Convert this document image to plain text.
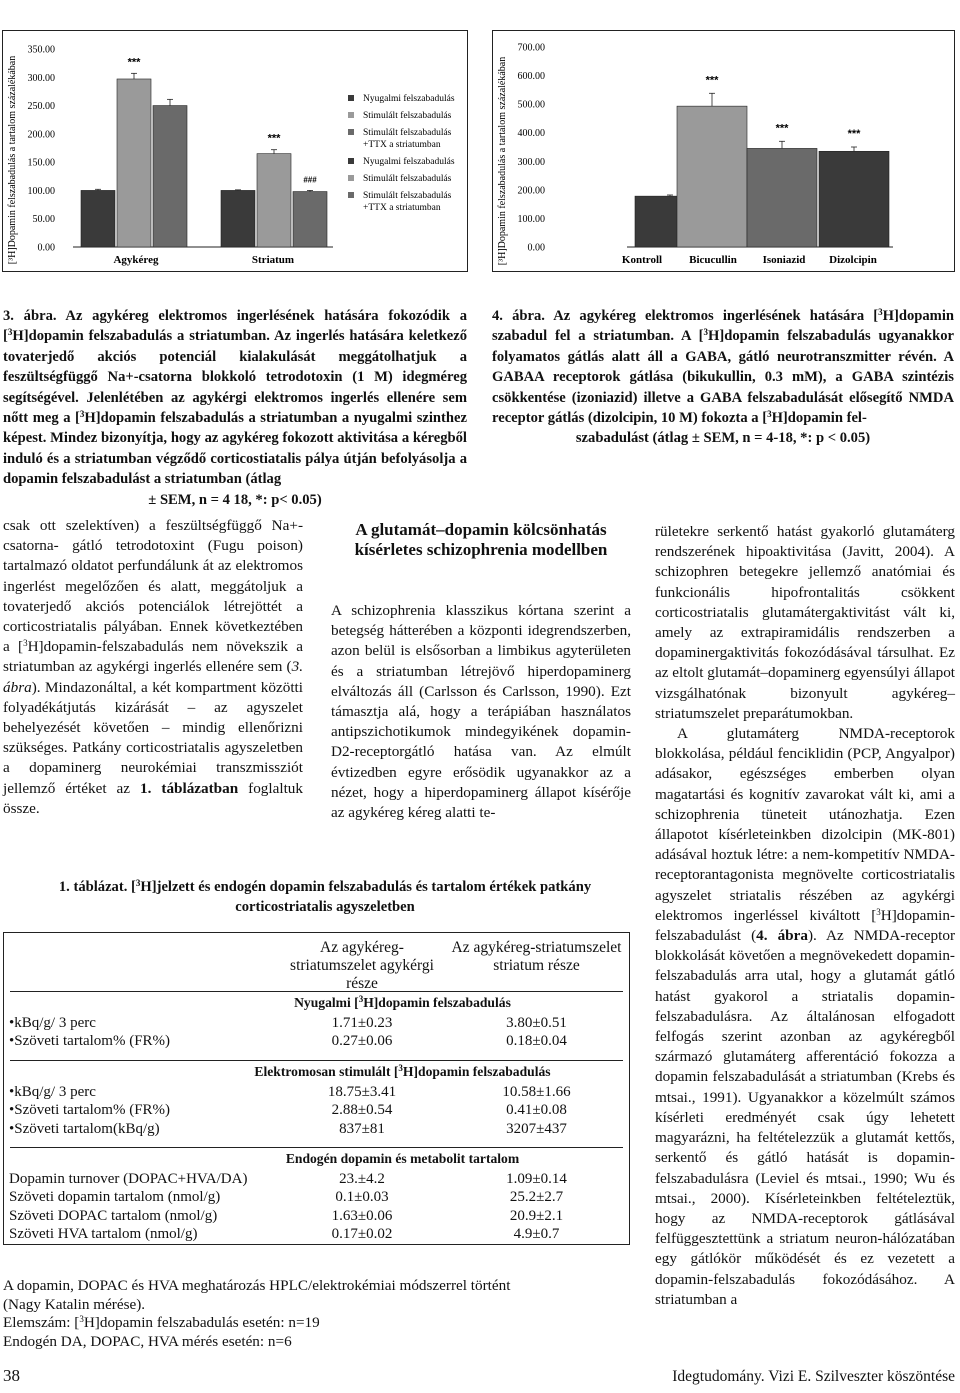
[³H]Dopamin felszabadulás a tartalom százalékában
350.00
300.00
250.00
200.00
150.00
100.00
50.00
0.00
***
***
###
Agykéreg	Striatum
Nyugalmi felszabadulás
Stimulált felszabadulás
Stimulált felszabadulás
+TTX a striatumban
Nyugalmi felszabadulás
Stimulált felszabadulás
Stimulált felszabadulás
+TTX a striatumban	[³H]Dopamin felszabadulás a tartalom százalékában
700.00
600.00
500.00
400.00
300.00
200.00
100.00
0.00
Kontroll
***
Bicucullin
***
Isoniazid
***
Dizolcipin
3. ábra. Az agykéreg elektromos ingerlésének hatására fokozódik a [$^3$H]dopamin felszabadulás a striatumban. Az ingerlés hatására keletkező tovaterjedő akciós potenciál kialakulását meggátolhatjuk a feszültségfüggő Na+-csatorna blokkoló tetrodotoxin (1 M) idegméreg segítségével. Jelenlétében az agykérgi elektromos ingerlés ellenére sem nőtt meg a [$^3$H]dopamin felszabadulás a striatumban a nyugalmi szinthez képest. Mindez bizonyítja, hogy az agykéreg fokozott aktivitása a kéregből induló és a striatumban végződő corticostiatalis pálya útján befolyásolja a dopamin felszabadulást a striatumban (átlag
± SEM, n = 4 18, *: p< 0.05)
4. ábra. Az agykéreg elektromos ingerlésének hatására [$^3$H]dopamin szabadul fel a striatumban. A [$^3$H]dopamin felszabadulás ugyanakkor folyamatos gátlás alatt áll a GABA, gátló neurotranszmitter révén. A GABAA receptorok gátlása (bikukullin, 0.3 mM), a GABA szintézis csökkentése (izoniazid) illetve a GABA felszabadulását elősegítő NMDA receptor gátlás (dizolcipin, 10 M) fokozta a [$^3$H]dopamin fel-
szabadulást (átlag ± SEM, n = 4-18, *: p < 0.05)

csak ott szelektíven) a feszültségfüggő Na+-csatorna- gátló tetrodotoxint (Fugu poison) tartalmazó oldatot perfundálunk át az elektromos ingerlést megelőzően és alatt, meggátoljuk a tovaterjedő akciós potenciálok létrejöttét a corticostriatalis pályában. Ennek következtében a [$^3$H]dopamin-felszabadulás nem növekszik a striatumban az agykérgi ingerlés ellenére sem (3. ábra). Mindazonáltal, a két kompartment közötti folyadékátjutás kizárását – az agyszelet behelyezését követően – mindig ellenőrizni szükséges. Patkány corticostriatalis agyszeletben a dopaminerg neurokémiai transzmissziót jellemző értéket az 1. táblázatban foglaltuk össze.

A glutamát–dopamin kölcsönhatás kísérletes schizophrenia modellben

A schizophrenia klasszikus kórtana szerint a betegség hátterében a központi idegrendszerben, azon belül is elsősorban a limbikus agyterületen és a striatumban létrejövő hiperdopaminerg elváltozás áll (Carlsson és Carlsson, 1990). Ezt támasztja alá, hogy a terápiában használatos antipszichotikumok mindegyikének dopamin-D2-receptorgátló hatása van. Az elmúlt évtizedben egyre erősödik ugyanakkor az a nézet, hogy a hiperdopaminerg állapot kísérője az agykéreg kéreg alatti te-

rületekre serkentő hatást gyakorló glutamáterg rendszerének hipoaktivitása (Javitt, 2004). A schizophren betegekre jellemző anatómiai és funkcionális hipofrontalitás csökkent corticostriatalis glutamátergaktivitást vált ki, amely az extrapiramidális rendszerben a dopaminergaktivitás fokozódásával társulhat. Ez az eltolt glutamát–dopaminerg egyensúlyi állapot vizsgálhatónak bizonyult agykéreg–striatumszelet preparátumokban.

A glutamáterg NMDA-receptorok blokkolása, például fenciklidin (PCP, Angyalpor) adásakor, egészséges emberben olyan magatartási és kognitív zavarokat vált ki, ami a schizophrenia tüneteit utánozhatja. Ezen állapotot kísérleteinkben dizolcipin (MK-801) adásával hoztuk létre: a nem-kompetitív NMDA-receptorantagonista megnövelte corticostriatalis agyszelet striatalis részében az agykérgi elektromos ingerléssel kiváltott [$^3$H]dopamin-felszabadulást (4. ábra). Az NMDA-receptor blokkolását követően a megnövekedett dopamin-felszabadulás arra utal, hogy a glutamát gátló hatást gyakorol a striatalis dopamin-felszabadulásra. Az általánosan elfogadott felfogás szerint azonban az agykéregből származó glutamáterg afferentáció fokozza a dopamin felszabadulását a striatumban (Krebs és mtsai., 1991). Ugyanakkor a közelmúlt számos kísérleti eredményét csak úgy lehetett magyarázni, ha feltételezzük a glutamát kettős, serkentő és gátló hatását is dopamin-felszabadulásra (Leviel és mtsai., 1990; Wu és mtsai., 2000). Kísérleteinkben feltételeztük, hogy az NMDA-receptorok gátlásával felfüggesztettünk a striatum neuron-hálózatában egy gátlókör működését és ez vezetett a dopamin-felszabadulás fokozódásához. A striatumban a

1. táblázat. [$^3$H]jelzett és endogén dopamin felszabadulás és tartalom értékek patkány corticostriatalis agyszeletben
Az agykéreg-striatumszelet agykérgi része
Az agykéreg-striatumszelet striatum része
Nyugalmi [$^3$H]dopamin felszabadulás
•kBq/g/ 3 perc	1.71±0.23	3.80±0.51
•Szöveti tartalom% (FR%)	0.27±0.06	0.18±0.04
Elektromosan stimulált [$^3$H]dopamin felszabadulás
•kBq/g/ 3 perc	18.75±3.41	10.58±1.66
•Szöveti tartalom% (FR%)	2.88±0.54	0.41±0.08
•Szöveti tartalom(kBq/g)	837±81	3207±437
Endogén dopamin és metabolit tartalom
Dopamin turnover (DOPAC+HVA/DA)	23.±4.2	1.09±0.14
Szöveti dopamin tartalom (nmol/g)	0.1±0.03	25.2±2.7
Szöveti DOPAC tartalom (nmol/g)	1.63±0.06	20.9±2.1
Szöveti HVA tartalom (nmol/g)	0.17±0.02	4.9±0.7
A dopamin, DOPAC és HVA meghatározás HPLC/elektrokémiai módszerrel történt
(Nagy Katalin mérése).
Elemszám: [$^3$H]dopamin felszabadulás esetén: n=19
Endogén DA, DOPAC, HVA mérés esetén: n=6
38	Idegtudomány. Vizi E. Szilveszter köszöntése
